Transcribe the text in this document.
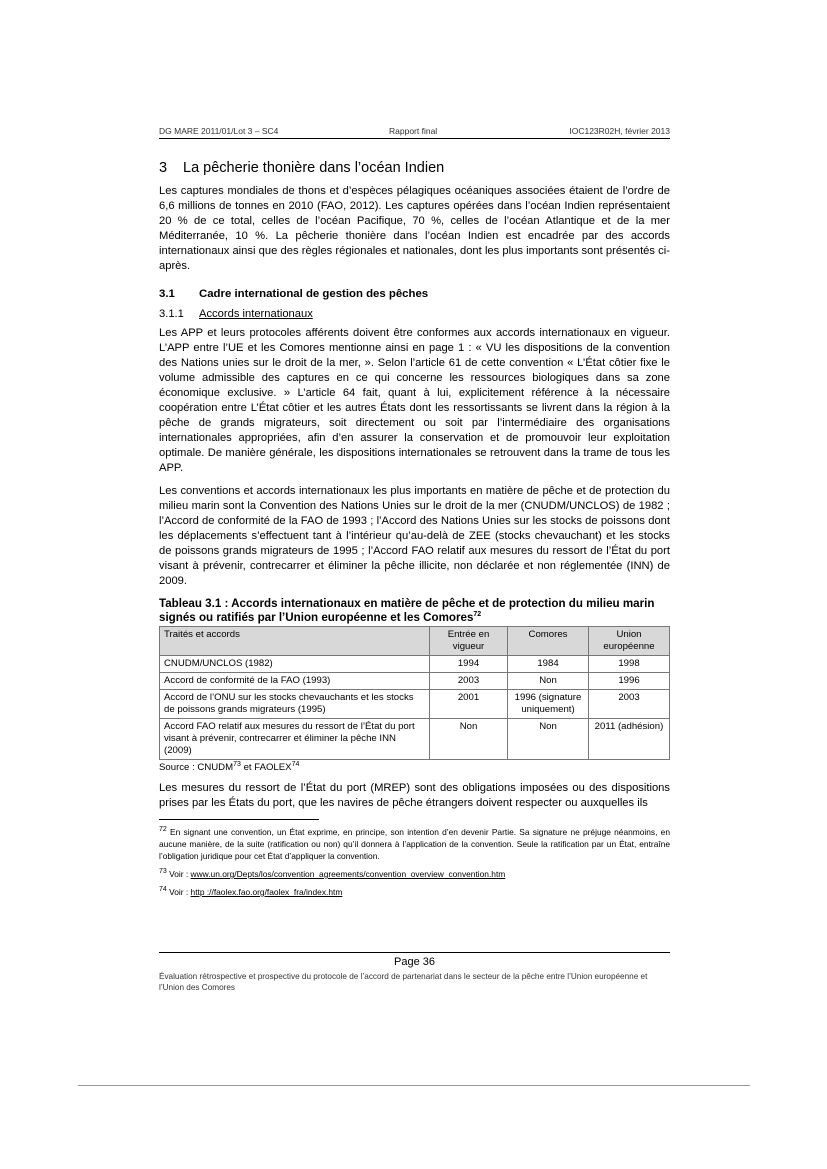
DG MARE 2011/01/Lot 3 – SC4	Rapport final	IOC123R02H, février 2013
3 La pêcherie thonière dans l’océan Indien

Les captures mondiales de thons et d’espèces pélagiques océaniques associées étaient de l’ordre de 6,6 millions de tonnes en 2010 (FAO, 2012). Les captures opérées dans l’océan Indien représentaient 20 % de ce total, celles de l’océan Pacifique, 70 %, celles de l’océan Atlantique et de la mer Méditerranée, 10 %. La pêcherie thonière dans l’océan Indien est encadrée par des accords internationaux ainsi que des règles régionales et nationales, dont les plus importants sont présentés ci-après.

3.1 Cadre international de gestion des pêches
3.1.1 Accords internationaux

Les APP et leurs protocoles afférents doivent être conformes aux accords internationaux en vigueur. L’APP entre l’UE et les Comores mentionne ainsi en page 1 : « VU les dispositions de la convention des Nations unies sur le droit de la mer, ». Selon l’article 61 de cette convention « L’État côtier fixe le volume admissible des captures en ce qui concerne les ressources biologiques dans sa zone économique exclusive. » L’article 64 fait, quant à lui, explicitement référence à la nécessaire coopération entre L’État côtier et les autres États dont les ressortissants se livrent dans la région à la pêche de grands migrateurs, soit directement ou soit par l’intermédiaire des organisations internationales appropriées, afin d’en assurer la conservation et de promouvoir leur exploitation optimale. De manière générale, les dispositions internationales se retrouvent dans la trame de tous les APP.

Les conventions et accords internationaux les plus importants en matière de pêche et de protection du milieu marin sont la Convention des Nations Unies sur le droit de la mer (CNUDM/UNCLOS) de 1982 ; l’Accord de conformité de la FAO de 1993 ; l’Accord des Nations Unies sur les stocks de poissons dont les déplacements s’effectuent tant à l’intérieur qu’au-delà de ZEE (stocks chevauchant) et les stocks de poissons grands migrateurs de 1995 ; l’Accord FAO relatif aux mesures du ressort de l’État du port visant à prévenir, contrecarrer et éliminer la pêche illicite, non déclarée et non réglementée (INN) de 2009.

Tableau 3.1 : Accords internationaux en matière de pêche et de protection du milieu marin signés ou ratifiés par l’Union européenne et les Comores$^{72}$
Traités et accords	Entrée en vigueur	Comores	Union européenne
CNUDM/UNCLOS (1982)	1994	1984	1998
Accord de conformité de la FAO (1993)	2003	Non	1996
Accord de l’ONU sur les stocks chevauchants et les stocks de poissons grands migrateurs (1995)	2001	1996 (signature uniquement)	2003
Accord FAO relatif aux mesures du ressort de l’État du port visant à prévenir, contrecarrer et éliminer la pêche INN (2009)	Non	Non	2011 (adhésion)
Source : CNUDM$^{73}$ et FAOLEX$^{74}$

Les mesures du ressort de l’État du port (MREP) sont des obligations imposées ou des dispositions prises par les États du port, que les navires de pêche étrangers doivent respecter ou auxquelles ils

$^{72}$ En signant une convention, un État exprime, en principe, son intention d’en devenir Partie. Sa signature ne préjuge néanmoins, en aucune manière, de la suite (ratification ou non) qu’il donnera à l’application de la convention. Seule la ratification par un État, entraîne l’obligation juridique pour cet État d’appliquer la convention.
$^{73}$ Voir : www.un.org/Depts/los/convention_agreements/convention_overview_convention.htm
$^{74}$ Voir : http ://faolex.fao.org/faolex_fra/index.htm
Page 36
Évaluation rétrospective et prospective du protocole de l’accord de partenariat dans le secteur de la pêche entre l’Union européenne et l’Union des Comores
